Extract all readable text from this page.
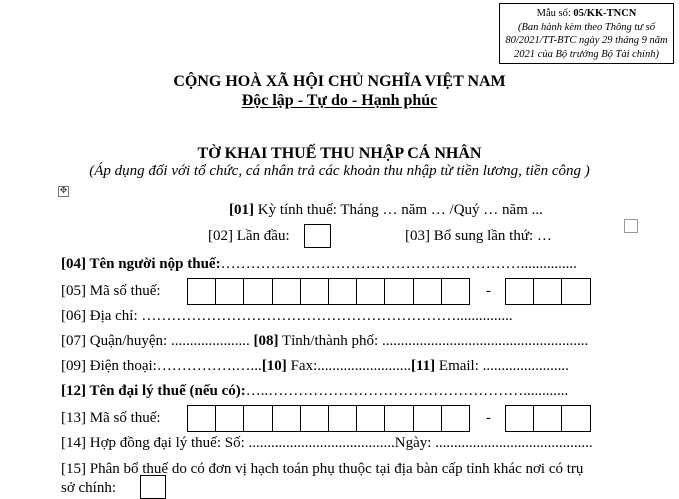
Mẫu số: 05/KK-TNCN
(Ban hành kèm theo Thông tư số
80/2021/TT-BTC ngày 29 tháng 9 năm
2021 của Bộ trưởng Bộ Tài chính)
CỘNG HOÀ XÃ HỘI CHỦ NGHĨA VIỆT NAM
Độc lập - Tự do - Hạnh phúc
TỜ KHAI THUẾ THU NHẬP CÁ NHÂN
(Áp dụng đối với tổ chức, cá nhân trả các khoản thu nhập từ tiền lương, tiền công )
✥
[01] Kỳ tính thuế: Tháng … năm … /Quý … năm ...
[02] Lần đầu:	[03] Bổ sung lần thứ: …
[04] Tên người nộp thuế:……………………………………………………...............
[05] Mã số thuế:	-
[06] Địa chỉ: ………………………………………………………...............
[07] Quận/huyện: ..................... [08] Tỉnh/thành phố: .......................................................
[09] Điện thoại:…………….…...[10] Fax:.........................[11] Email: .......................
[12] Tên đại lý thuế (nếu có):…..……………………………………………............
[13] Mã số thuế:	-
[14] Hợp đồng đại lý thuế: Số: .......................................Ngày: ..........................................
[15] Phân bổ thuế do có đơn vị hạch toán phụ thuộc tại địa bàn cấp tỉnh khác nơi có trụ
sở chính:
